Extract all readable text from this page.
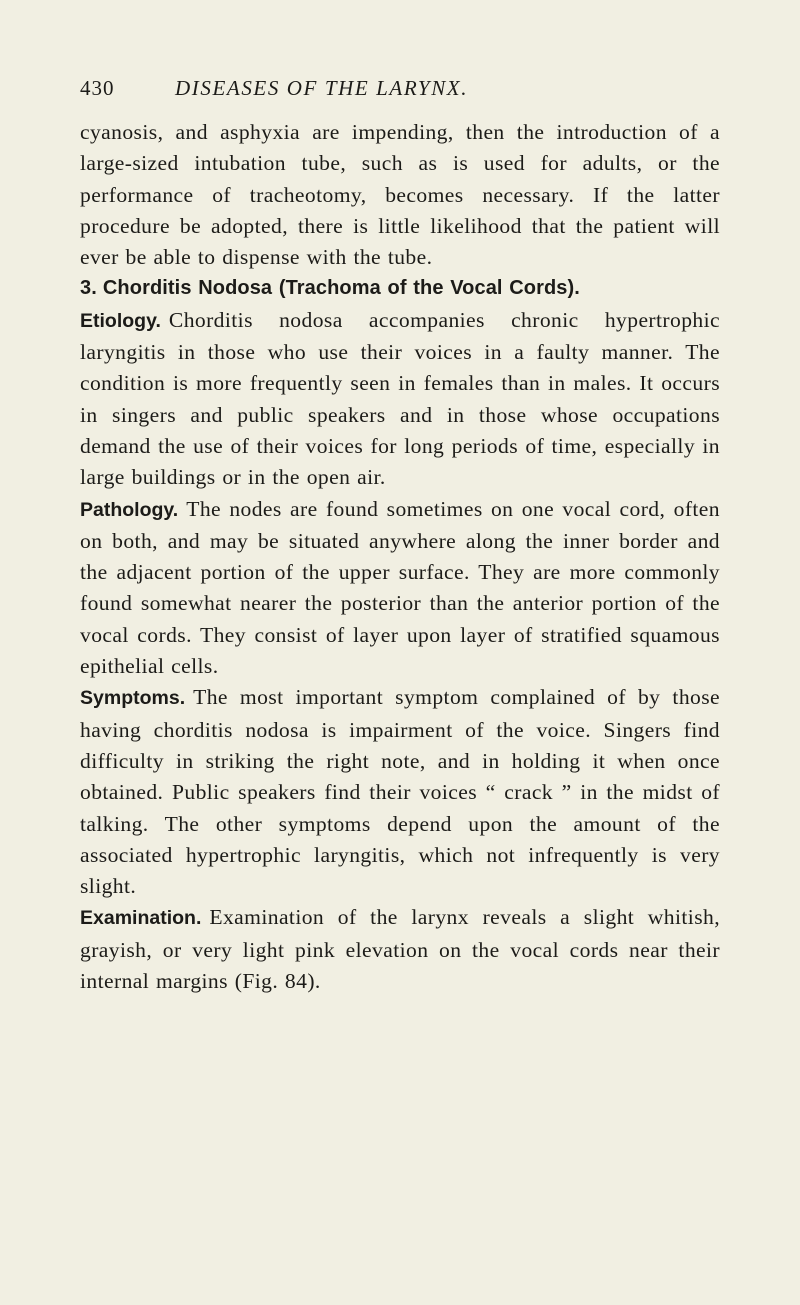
430	DISEASES OF THE LARYNX.

cyanosis, and asphyxia are impending, then the introduction of a large-sized intubation tube, such as is used for adults, or the performance of tracheotomy, becomes necessary. If the latter procedure be adopted, there is little likelihood that the patient will ever be able to dispense with the tube.

3. Chorditis Nodosa (Trachoma of the Vocal Cords).

Etiology. Chorditis nodosa accompanies chronic hypertrophic laryngitis in those who use their voices in a faulty manner. The condition is more frequently seen in females than in males. It occurs in singers and public speakers and in those whose occupations demand the use of their voices for long periods of time, especially in large buildings or in the open air.

Pathology. The nodes are found sometimes on one vocal cord, often on both, and may be situated anywhere along the inner border and the adjacent portion of the upper surface. They are more commonly found somewhat nearer the posterior than the anterior portion of the vocal cords. They consist of layer upon layer of stratified squamous epithelial cells.

Symptoms. The most important symptom complained of by those having chorditis nodosa is impairment of the voice. Singers find difficulty in striking the right note, and in holding it when once obtained. Public speakers find their voices “ crack ” in the midst of talking. The other symptoms depend upon the amount of the associated hypertrophic laryngitis, which not infrequently is very slight.

Examination. Examination of the larynx reveals a slight whitish, grayish, or very light pink elevation on the vocal cords near their internal margins (Fig. 84).
